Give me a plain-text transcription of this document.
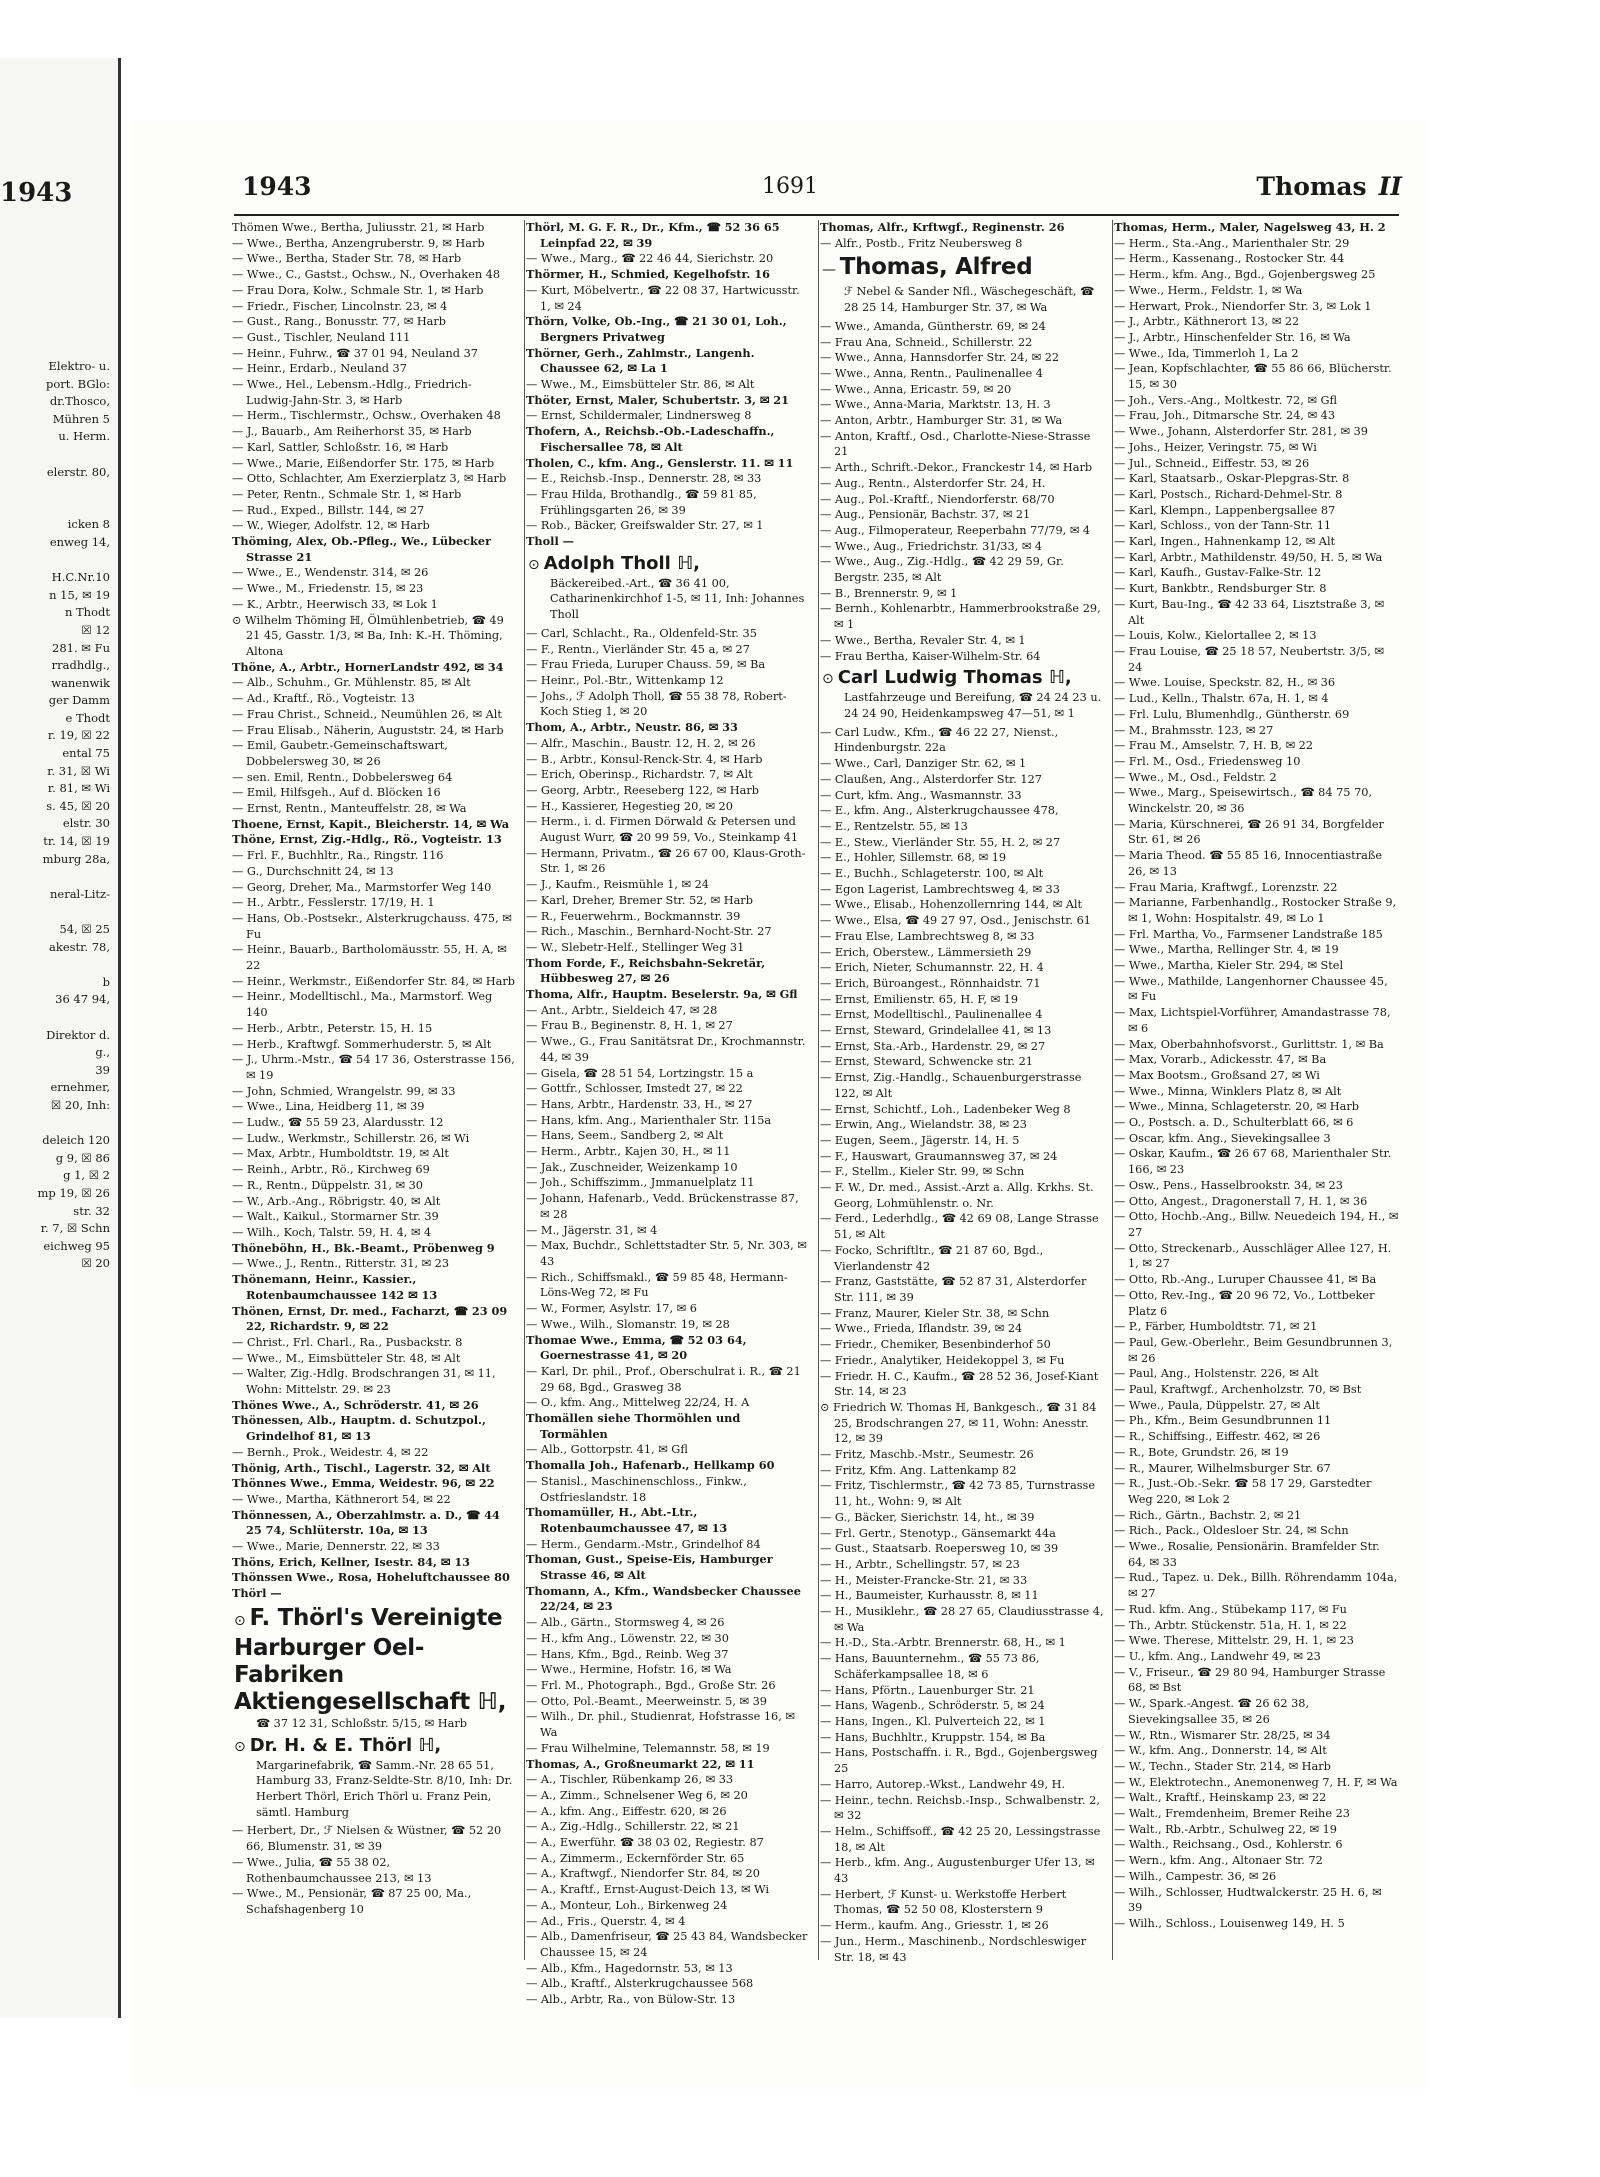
1943
Elektro- u.
port. BGlo:
dr.Thosco,
Mühren 5
u. Herm.

elerstr. 80,

icken 8
enweg 14,

H.C.Nr.10
n 15, ✉ 19
n Thodt
☒ 12
281. ✉ Fu
rradhdlg.,
wanenwik
ger Damm
e Thodt
r. 19, ☒ 22
ental 75
r. 31, ☒ Wi
r. 81, ✉ Wi
s. 45, ☒ 20
elstr. 30
tr. 14, ☒ 19
mburg 28a,

neral-Litz-

54, ☒ 25
akestr. 78,

b
36 47 94,

Direktor d.
g.,
39
ernehmer,
☒ 20, Inh:

deleich 120
g 9, ☒ 86
g 1, ☒ 2
mp 19, ☒ 26
str. 32
r. 7, ☒ Schn
eichweg 95
☒ 20
1943	1691	Thomas II

Thömen Wwe., Bertha, Juliusstr. 21, ✉ Harb

— Wwe., Bertha, Anzengruberstr. 9, ✉ Harb

— Wwe., Bertha, Stader Str. 78, ✉ Harb

— Wwe., C., Gastst., Ochsw., N., Overhaken 48

— Frau Dora, Kolw., Schmale Str. 1, ✉ Harb

— Friedr., Fischer, Lincolnstr. 23, ✉ 4

— Gust., Rang., Bonusstr. 77, ✉ Harb

— Gust., Tischler, Neuland 111

— Heinr., Fuhrw., ☎ 37 01 94, Neuland 37

— Heinr., Erdarb., Neuland 37

— Wwe., Hel., Lebensm.-Hdlg., Friedrich-Ludwig-Jahn-Str. 3, ✉ Harb

— Herm., Tischlermstr., Ochsw., Overhaken 48

— J., Bauarb., Am Reiherhorst 35, ✉ Harb

— Karl, Sattler, Schloßstr. 16, ✉ Harb

— Wwe., Marie, Eißendorfer Str. 175, ✉ Harb

— Otto, Schlachter, Am Exerzierplatz 3, ✉ Harb

— Peter, Rentn., Schmale Str. 1, ✉ Harb

— Rud., Exped., Billstr. 144, ✉ 27

— W., Wieger, Adolfstr. 12, ✉ Harb

Thöming, Alex, Ob.-Pfleg., We., Lübecker Strasse 21

— Wwe., E., Wendenstr. 314, ✉ 26

— Wwe., M., Friedenstr. 15, ✉ 23

— K., Arbtr., Heerwisch 33, ✉ Lok 1

⊙ Wilhelm Thöming ℍ, Ölmühlenbetrieb, ☎ 49 21 45, Gasstr. 1/3, ✉ Ba, Inh: K.-H. Thöming, Altona

Thöne, A., Arbtr., HornerLandstr 492, ✉ 34

— Alb., Schuhm., Gr. Mühlenstr. 85, ✉ Alt

— Ad., Kraftf., Rö., Vogteistr. 13

— Frau Christ., Schneid., Neumühlen 26, ✉ Alt

— Frau Elisab., Näherin, Auguststr. 24, ✉ Harb

— Emil, Gaubetr.-Gemeinschaftswart, Dobbelersweg 30, ✉ 26

— sen. Emil, Rentn., Dobbelersweg 64

— Emil, Hilfsgeh., Auf d. Blöcken 16

— Ernst, Rentn., Manteuffelstr. 28, ✉ Wa

Thoene, Ernst, Kapit., Bleicherstr. 14, ✉ Wa

Thöne, Ernst, Zig.-Hdlg., Rö., Vogteistr. 13

— Frl. F., Buchhltr., Ra., Ringstr. 116

— G., Durchschnitt 24, ✉ 13

— Georg, Dreher, Ma., Marmstorfer Weg 140

— H., Arbtr., Fesslerstr. 17/19, H. 1

— Hans, Ob.-Postsekr., Alsterkrugchauss. 475, ✉ Fu

— Heinr., Bauarb., Bartholomäusstr. 55, H. A, ✉ 22

— Heinr., Werkmstr., Eißendorfer Str. 84, ✉ Harb

— Heinr., Modelltischl., Ma., Marmstorf. Weg 140

— Herb., Arbtr., Peterstr. 15, H. 15

— Herb., Kraftwgf. Sommerhuderstr. 5, ✉ Alt

— J., Uhrm.-Mstr., ☎ 54 17 36, Osterstrasse 156, ✉ 19

— John, Schmied, Wrangelstr. 99, ✉ 33

— Wwe., Lina, Heidberg 11, ✉ 39

— Ludw., ☎ 55 59 23, Alardusstr. 12

— Ludw., Werkmstr., Schillerstr. 26, ✉ Wi

— Max, Arbtr., Humboldtstr. 19, ✉ Alt

— Reinh., Arbtr., Rö., Kirchweg 69

— R., Rentn., Düppelstr. 31, ✉ 30

— W., Arb.-Ang., Röbrigstr. 40, ✉ Alt

— Walt., Kaikul., Stormarner Str. 39

— Wilh., Koch, Talstr. 59, H. 4, ✉ 4

Thöneböhn, H., Bk.-Beamt., Pröbenweg 9

— Wwe., J., Rentn., Ritterstr. 31, ✉ 23

Thönemann, Heinr., Kassier., Rotenbaumchaussee 142 ✉ 13

Thönen, Ernst, Dr. med., Facharzt, ☎ 23 09 22, Richardstr. 9, ✉ 22

— Christ., Frl. Charl., Ra., Pusbackstr. 8

— Wwe., M., Eimsbütteler Str. 48, ✉ Alt

— Walter, Zig.-Hdlg. Brodschrangen 31, ✉ 11, Wohn: Mittelstr. 29. ✉ 23

Thönes Wwe., A., Schröderstr. 41, ✉ 26

Thönessen, Alb., Hauptm. d. Schutzpol., Grindelhof 81, ✉ 13

— Bernh., Prok., Weidestr. 4, ✉ 22

Thönig, Arth., Tischl., Lagerstr. 32, ✉ Alt

Thönnes Wwe., Emma, Weidestr. 96, ✉ 22

— Wwe., Martha, Käthnerort 54, ✉ 22

Thönnessen, A., Oberzahlmstr. a. D., ☎ 44 25 74, Schlüterstr. 10a, ✉ 13

— Wwe., Marie, Dennerstr. 22, ✉ 33

Thöns, Erich, Kellner, Isestr. 84, ✉ 13

Thönssen Wwe., Rosa, Hoheluftchaussee 80

Thörl —

⊙ F. Thörl's Vereinigte Harburger Oel-Fabriken Aktiengesellschaft ℍ,
☎ 37 12 31, Schloßstr. 5/15, ✉ Harb
⊙ Dr. H. & E. Thörl ℍ,
Margarinefabrik, ☎ Samm.-Nr. 28 65 51, Hamburg 33, Franz-Seldte-Str. 8/10, Inh: Dr. Herbert Thörl, Erich Thörl u. Franz Pein, sämtl. Hamburg

— Herbert, Dr., ℱ Nielsen & Wüstner, ☎ 52 20 66, Blumenstr. 31, ✉ 39

— Wwe., Julia, ☎ 55 38 02, Rothenbaumchaussee 213, ✉ 13

— Wwe., M., Pensionär, ☎ 87 25 00, Ma., Schafshagenberg 10

Thörl, M. G. F. R., Dr., Kfm., ☎ 52 36 65 Leinpfad 22, ✉ 39

— Wwe., Marg., ☎ 22 46 44, Sierichstr. 20

Thörmer, H., Schmied, Kegelhofstr. 16

— Kurt, Möbelvertr., ☎ 22 08 37, Hartwicusstr. 1, ✉ 24

Thörn, Volke, Ob.-Ing., ☎ 21 30 01, Loh., Bergners Privatweg

Thörner, Gerh., Zahlmstr., Langenh. Chaussee 62, ✉ La 1

— Wwe., M., Eimsbütteler Str. 86, ✉ Alt

Thöter, Ernst, Maler, Schubertstr. 3, ✉ 21

— Ernst, Schildermaler, Lindnersweg 8

Thofern, A., Reichsb.-Ob.-Ladeschaffn., Fischersallee 78, ✉ Alt

Tholen, C., kfm. Ang., Genslerstr. 11. ✉ 11

— E., Reichsb.-Insp., Dennerstr. 28, ✉ 33

— Frau Hilda, Brothandlg., ☎ 59 81 85, Frühlingsgarten 26, ✉ 39

— Rob., Bäcker, Greifswalder Str. 27, ✉ 1

Tholl —

⊙ Adolph Tholl ℍ,
Bäckereibed.-Art., ☎ 36 41 00, Catharinenkirchhof 1-5, ✉ 11, Inh: Johannes Tholl

— Carl, Schlacht., Ra., Oldenfeld-Str. 35

— F., Rentn., Vierländer Str. 45 a, ✉ 27

— Frau Frieda, Luruper Chauss. 59, ✉ Ba

— Heinr., Pol.-Btr., Wittenkamp 12

— Johs., ℱ Adolph Tholl, ☎ 55 38 78, Robert-Koch Stieg 1, ✉ 20

Thom, A., Arbtr., Neustr. 86, ✉ 33

— Alfr., Maschin., Baustr. 12, H. 2, ✉ 26

— B., Arbtr., Konsul-Renck-Str. 4, ✉ Harb

— Erich, Oberinsp., Richardstr. 7, ✉ Alt

— Georg, Arbtr., Reeseberg 122, ✉ Harb

— H., Kassierer, Hegestieg 20, ✉ 20

— Herm., i. d. Firmen Dörwald & Petersen und August Wurr, ☎ 20 99 59, Vo., Steinkamp 41

— Hermann, Privatm., ☎ 26 67 00, Klaus-Groth-Str. 1, ✉ 26

— J., Kaufm., Reismühle 1, ✉ 24

— Karl, Dreher, Bremer Str. 52, ✉ Harb

— R., Feuerwehrm., Bockmannstr. 39

— Rich., Maschin., Bernhard-Nocht-Str. 27

— W., Slebetr-Helf., Stellinger Weg 31

Thom Forde, F., Reichsbahn-Sekretär, Hübbesweg 27, ✉ 26

Thoma, Alfr., Hauptm. Beselerstr. 9a, ✉ Gfl

— Ant., Arbtr., Sieldeich 47, ✉ 28

— Frau B., Beginenstr. 8, H. 1, ✉ 27

— Wwe., G., Frau Sanitätsrat Dr., Krochmannstr. 44, ✉ 39

— Gisela, ☎ 28 51 54, Lortzingstr. 15 a

— Gottfr., Schlosser, Imstedt 27, ✉ 22

— Hans, Arbtr., Hardenstr. 33, H., ✉ 27

— Hans, kfm. Ang., Marienthaler Str. 115a

— Hans, Seem., Sandberg 2, ✉ Alt

— Herm., Arbtr., Kajen 30, H., ✉ 11

— Jak., Zuschneider, Weizenkamp 10

— Joh., Schiffszimm., Jmmanuelplatz 11

— Johann, Hafenarb., Vedd. Brückenstrasse 87, ✉ 28

— M., Jägerstr. 31, ✉ 4

— Max, Buchdr., Schlettstadter Str. 5, Nr. 303, ✉ 43

— Rich., Schiffsmakl., ☎ 59 85 48, Hermann-Löns-Weg 72, ✉ Fu

— W., Former, Asylstr. 17, ✉ 6

— Wwe., Wilh., Slomanstr. 19, ✉ 28

Thomae Wwe., Emma, ☎ 52 03 64, Goernestrasse 41, ✉ 20

— Karl, Dr. phil., Prof., Oberschulrat i. R., ☎ 21 29 68, Bgd., Grasweg 38

— O., kfm. Ang., Mittelweg 22/24, H. A

Thomällen siehe Thormöhlen und Tormählen

— Alb., Gottorpstr. 41, ✉ Gfl

Thomalla Joh., Hafenarb., Hellkamp 60

— Stanisl., Maschinenschloss., Finkw., Ostfrieslandstr. 18

Thomamüller, H., Abt.-Ltr., Rotenbaumchaussee 47, ✉ 13

— Herm., Gendarm.-Mstr., Grindelhof 84

Thoman, Gust., Speise-Eis, Hamburger Strasse 46, ✉ Alt

Thomann, A., Kfm., Wandsbecker Chaussee 22/24, ✉ 23

— Alb., Gärtn., Stormsweg 4, ✉ 26

— H., kfm Ang., Löwenstr. 22, ✉ 30

— Hans, Kfm., Bgd., Reinb. Weg 37

— Wwe., Hermine, Hofstr. 16, ✉ Wa

— Frl. M., Photograph., Bgd., Große Str. 26

— Otto, Pol.-Beamt., Meerweinstr. 5, ✉ 39

— Wilh., Dr. phil., Studienrat, Hofstrasse 16, ✉ Wa

— Frau Wilhelmine, Telemannstr. 58, ✉ 19

Thomas, A., Großneumarkt 22, ✉ 11

— A., Tischler, Rübenkamp 26, ✉ 33

— A., Zimm., Schnelsener Weg 6, ✉ 20

— A., kfm. Ang., Eiffestr. 620, ✉ 26

— A., Zig.-Hdlg., Schillerstr. 22, ✉ 21

— A., Ewerführ. ☎ 38 03 02, Regiestr. 87

— A., Zimmerm., Eckernförder Str. 65

— A., Kraftwgf., Niendorfer Str. 84, ✉ 20

— A., Kraftf., Ernst-August-Deich 13, ✉ Wi

— A., Monteur, Loh., Birkenweg 24

— Ad., Fris., Querstr. 4, ✉ 4

— Alb., Damenfriseur, ☎ 25 43 84, Wandsbecker Chaussee 15, ✉ 24

— Alb., Kfm., Hagedornstr. 53, ✉ 13

— Alb., Kraftf., Alsterkrugchaussee 568

— Alb., Arbtr, Ra., von Bülow-Str. 13

Thomas, Alfr., Krftwgf., Reginenstr. 26

— Alfr., Postb., Fritz Neubersweg 8

— Thomas, Alfred
ℱ Nebel & Sander Nfl., Wäschegeschäft, ☎ 28 25 14, Hamburger Str. 37, ✉ Wa

— Wwe., Amanda, Güntherstr. 69, ✉ 24

— Frau Ana, Schneid., Schillerstr. 22

— Wwe., Anna, Hannsdorfer Str. 24, ✉ 22

— Wwe., Anna, Rentn., Paulinenallee 4

— Wwe., Anna, Ericastr. 59, ✉ 20

— Wwe., Anna-Maria, Marktstr. 13, H. 3

— Anton, Arbtr., Hamburger Str. 31, ✉ Wa

— Anton, Kraftf., Osd., Charlotte-Niese-Strasse 21

— Arth., Schrift.-Dekor., Franckestr 14, ✉ Harb

— Aug., Rentn., Alsterdorfer Str. 24, H.

— Aug., Pol.-Kraftf., Niendorferstr. 68/70

— Aug., Pensionär, Bachstr. 37, ✉ 21

— Aug., Filmoperateur, Reeperbahn 77/79, ✉ 4

— Wwe., Aug., Friedrichstr. 31/33, ✉ 4

— Wwe., Aug., Zig.-Hdlg., ☎ 42 29 59, Gr. Bergstr. 235, ✉ Alt

— B., Brennerstr. 9, ✉ 1

— Bernh., Kohlenarbtr., Hammerbrookstraße 29, ✉ 1

— Wwe., Bertha, Revaler Str. 4, ✉ 1

— Frau Bertha, Kaiser-Wilhelm-Str. 64

⊙ Carl Ludwig Thomas ℍ,
Lastfahrzeuge und Bereifung, ☎ 24 24 23 u. 24 24 90, Heidenkampsweg 47—51, ✉ 1

— Carl Ludw., Kfm., ☎ 46 22 27, Nienst., Hindenburgstr. 22a

— Wwe., Carl, Danziger Str. 62, ✉ 1

— Claußen, Ang., Alsterdorfer Str. 127

— Curt, kfm. Ang., Wasmannstr. 33

— E., kfm. Ang., Alsterkrugchaussee 478,

— E., Rentzelstr. 55, ✉ 13

— E., Stew., Vierländer Str. 55, H. 2, ✉ 27

— E., Hohler, Sillemstr. 68, ✉ 19

— E., Buchh., Schlageterstr. 100, ✉ Alt

— Egon Lagerist, Lambrechtsweg 4, ✉ 33

— Wwe., Elisab., Hohenzollernring 144, ✉ Alt

— Wwe., Elsa, ☎ 49 27 97, Osd., Jenischstr. 61

— Frau Else, Lambrechtsweg 8, ✉ 33

— Erich, Oberstew., Lämmersieth 29

— Erich, Nieter, Schumannstr. 22, H. 4

— Erich, Büroangest., Rönnhaidstr. 71

— Ernst, Emilienstr. 65, H. F, ✉ 19

— Ernst, Modelltischl., Paulinenallee 4

— Ernst, Steward, Grindelallee 41, ✉ 13

— Ernst, Sta.-Arb., Hardenstr. 29, ✉ 27

— Ernst, Steward, Schwencke str. 21

— Ernst, Zig.-Handlg., Schauenburgerstrasse 122, ✉ Alt

— Ernst, Schichtf., Loh., Ladenbeker Weg 8

— Erwin, Ang., Wielandstr. 38, ✉ 23

— Eugen, Seem., Jägerstr. 14, H. 5

— F., Hauswart, Graumannsweg 37, ✉ 24

— F., Stellm., Kieler Str. 99, ✉ Schn

— F. W., Dr. med., Assist.-Arzt a. Allg. Krkhs. St. Georg, Lohmühlenstr. o. Nr.

— Ferd., Lederhdlg., ☎ 42 69 08, Lange Strasse 51, ✉ Alt

— Focko, Schriftltr., ☎ 21 87 60, Bgd., Vierlandenstr 42

— Franz, Gaststätte, ☎ 52 87 31, Alsterdorfer Str. 111, ✉ 39

— Franz, Maurer, Kieler Str. 38, ✉ Schn

— Wwe., Frieda, Iflandstr. 39, ✉ 24

— Friedr., Chemiker, Besenbinderhof 50

— Friedr., Analytiker, Heidekoppel 3, ✉ Fu

— Friedr. H. C., Kaufm., ☎ 28 52 36, Josef-Kiant Str. 14, ✉ 23

⊙ Friedrich W. Thomas ℍ, Bankgesch., ☎ 31 84 25, Brodschrangen 27, ✉ 11, Wohn: Anesstr. 12, ✉ 39

— Fritz, Maschb.-Mstr., Seumestr. 26

— Fritz, Kfm. Ang. Lattenkamp 82

— Fritz, Tischlermstr., ☎ 42 73 85, Turnstrasse 11, ht., Wohn: 9, ✉ Alt

— G., Bäcker, Sierichstr. 14, ht., ✉ 39

— Frl. Gertr., Stenotyp., Gänsemarkt 44a

— Gust., Staatsarb. Roepersweg 10, ✉ 39

— H., Arbtr., Schellingstr. 57, ✉ 23

— H., Meister-Francke-Str. 21, ✉ 33

— H., Baumeister, Kurhausstr. 8, ✉ 11

— H., Musiklehr., ☎ 28 27 65, Claudiusstrasse 4, ✉ Wa

— H.-D., Sta.-Arbtr. Brennerstr. 68, H., ✉ 1

— Hans, Bauunternehm., ☎ 55 73 86, Schäferkampsallee 18, ✉ 6

— Hans, Pförtn., Lauenburger Str. 21

— Hans, Wagenb., Schröderstr. 5, ✉ 24

— Hans, Ingen., Kl. Pulverteich 22, ✉ 1

— Hans, Buchhltr., Kruppstr. 154, ✉ Ba

— Hans, Postschaffn. i. R., Bgd., Gojenbergsweg 25

— Harro, Autorep.-Wkst., Landwehr 49, H.

— Heinr., techn. Reichsb.-Insp., Schwalbenstr. 2, ✉ 32

— Helm., Schiffsoff., ☎ 42 25 20, Lessingstrasse 18, ✉ Alt

— Herb., kfm. Ang., Augustenburger Ufer 13, ✉ 43

— Herbert, ℱ Kunst- u. Werkstoffe Herbert Thomas, ☎ 52 50 08, Klosterstern 9

— Herm., kaufm. Ang., Griesstr. 1, ✉ 26

— Jun., Herm., Maschinenb., Nordschleswiger Str. 18, ✉ 43

Thomas, Herm., Maler, Nagelsweg 43, H. 2

— Herm., Sta.-Ang., Marienthaler Str. 29

— Herm., Kassenang., Rostocker Str. 44

— Herm., kfm. Ang., Bgd., Gojenbergsweg 25

— Wwe., Herm., Feldstr. 1, ✉ Wa

— Herwart, Prok., Niendorfer Str. 3, ✉ Lok 1

— J., Arbtr., Käthnerort 13, ✉ 22

— J., Arbtr., Hinschenfelder Str. 16, ✉ Wa

— Wwe., Ida, Timmerloh 1, La 2

— Jean, Kopfschlachter, ☎ 55 86 66, Blücherstr. 15, ✉ 30

— Joh., Vers.-Ang., Moltkestr. 72, ✉ Gfl

— Frau, Joh., Ditmarsche Str. 24, ✉ 43

— Wwe., Johann, Alsterdorfer Str. 281, ✉ 39

— Johs., Heizer, Veringstr. 75, ✉ Wi

— Jul., Schneid., Eiffestr. 53, ✉ 26

— Karl, Staatsarb., Oskar-Plepgras-Str. 8

— Karl, Postsch., Richard-Dehmel-Str. 8

— Karl, Klempn., Lappenbergsallee 87

— Karl, Schloss., von der Tann-Str. 11

— Karl, Ingen., Hahnenkamp 12, ✉ Alt

— Karl, Arbtr., Mathildenstr. 49/50, H. 5, ✉ Wa

— Karl, Kaufh., Gustav-Falke-Str. 12

— Kurt, Bankbtr., Rendsburger Str. 8

— Kurt, Bau-Ing., ☎ 42 33 64, Lisztstraße 3, ✉ Alt

— Louis, Kolw., Kielortallee 2, ✉ 13

— Frau Louise, ☎ 25 18 57, Neubertstr. 3/5, ✉ 24

— Wwe. Louise, Speckstr. 82, H., ✉ 36

— Lud., Kelln., Thalstr. 67a, H. 1, ✉ 4

— Frl. Lulu, Blumenhdlg., Güntherstr. 69

— M., Brahmsstr. 123, ✉ 27

— Frau M., Amselstr. 7, H. B, ✉ 22

— Frl. M., Osd., Friedensweg 10

— Wwe., M., Osd., Feldstr. 2

— Wwe., Marg., Speisewirtsch., ☎ 84 75 70, Winckelstr. 20, ✉ 36

— Maria, Kürschnerei, ☎ 26 91 34, Borgfelder Str. 61, ✉ 26

— Maria Theod. ☎ 55 85 16, Innocentiastraße 26, ✉ 13

— Frau Maria, Kraftwgf., Lorenzstr. 22

— Marianne, Farbenhandlg., Rostocker Straße 9, ✉ 1, Wohn: Hospitalstr. 49, ✉ Lo 1

— Frl. Martha, Vo., Farmsener Landstraße 185

— Wwe., Martha, Rellinger Str. 4, ✉ 19

— Wwe., Martha, Kieler Str. 294, ✉ Stel

— Wwe., Mathilde, Langenhorner Chaussee 45, ✉ Fu

— Max, Lichtspiel-Vorführer, Amandastrasse 78, ✉ 6

— Max, Oberbahnhofsvorst., Gurlittstr. 1, ✉ Ba

— Max, Vorarb., Adickesstr. 47, ✉ Ba

— Max Bootsm., Großsand 27, ✉ Wi

— Wwe., Minna, Winklers Platz 8, ✉ Alt

— Wwe., Minna, Schlageterstr. 20, ✉ Harb

— O., Postsch. a. D., Schulterblatt 66, ✉ 6

— Oscar, kfm. Ang., Sievekingsallee 3

— Oskar, Kaufm., ☎ 26 67 68, Marienthaler Str. 166, ✉ 23

— Osw., Pens., Hasselbrookstr. 34, ✉ 23

— Otto, Angest., Dragonerstall 7, H. 1, ✉ 36

— Otto, Hochb.-Ang., Billw. Neuedeich 194, H., ✉ 27

— Otto, Streckenarb., Ausschläger Allee 127, H. 1, ✉ 27

— Otto, Rb.-Ang., Luruper Chaussee 41, ✉ Ba

— Otto, Rev.-Ing., ☎ 20 96 72, Vo., Lottbeker Platz 6

— P., Färber, Humboldtstr. 71, ✉ 21

— Paul, Gew.-Oberlehr., Beim Gesundbrunnen 3, ✉ 26

— Paul, Ang., Holstenstr. 226, ✉ Alt

— Paul, Kraftwgf., Archenholzstr. 70, ✉ Bst

— Wwe., Paula, Düppelstr. 27, ✉ Alt

— Ph., Kfm., Beim Gesundbrunnen 11

— R., Schiffsing., Eiffestr. 462, ✉ 26

— R., Bote, Grundstr. 26, ✉ 19

— R., Maurer, Wilhelmsburger Str. 67

— R., Just.-Ob.-Sekr. ☎ 58 17 29, Garstedter Weg 220, ✉ Lok 2

— Rich., Gärtn., Bachstr. 2, ✉ 21

— Rich., Pack., Oldesloer Str. 24, ✉ Schn

— Wwe., Rosalie, Pensionärin. Bramfelder Str. 64, ✉ 33

— Rud., Tapez. u. Dek., Billh. Röhrendamm 104a, ✉ 27

— Rud. kfm. Ang., Stübekamp 117, ✉ Fu

— Th., Arbtr. Stückenstr. 51a, H. 1, ✉ 22

— Wwe. Therese, Mittelstr. 29, H. 1, ✉ 23

— U., kfm. Ang., Landwehr 49, ✉ 23

— V., Friseur., ☎ 29 80 94, Hamburger Strasse 68, ✉ Bst

— W., Spark.-Angest. ☎ 26 62 38, Sievekingsallee 35, ✉ 26

— W., Rtn., Wismarer Str. 28/25, ✉ 34

— W., kfm. Ang., Donnerstr. 14, ✉ Alt

— W., Techn., Stader Str. 214, ✉ Harb

— W., Elektrotechn., Anemonenweg 7, H. F, ✉ Wa

— Walt., Kraftf., Heinskamp 23, ✉ 22

— Walt., Fremdenheim, Bremer Reihe 23

— Walt., Rb.-Arbtr., Schulweg 22, ✉ 19

— Walth., Reichsang., Osd., Kohlerstr. 6

— Wern., kfm. Ang., Altonaer Str. 72

— Wilh., Campestr. 36, ✉ 26

— Wilh., Schlosser, Hudtwalckerstr. 25 H. 6, ✉ 39

— Wilh., Schloss., Louisenweg 149, H. 5
